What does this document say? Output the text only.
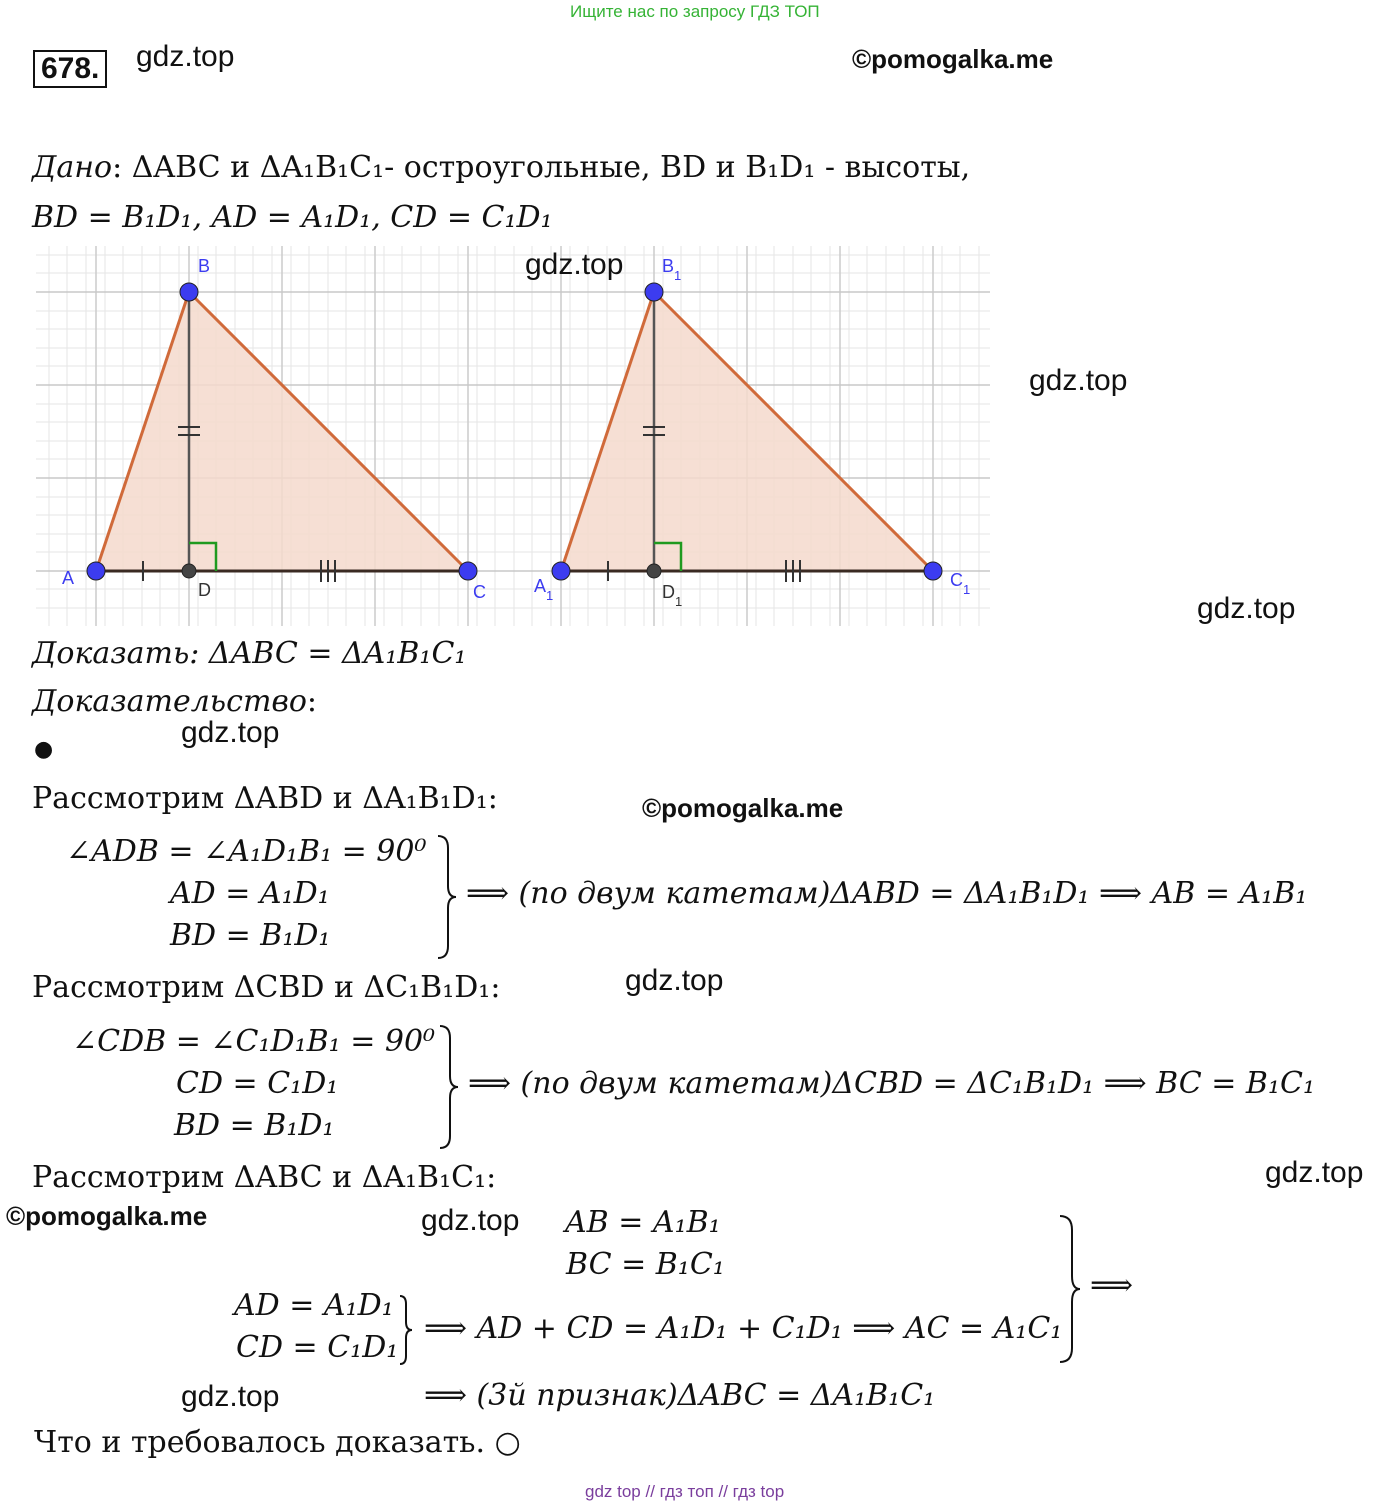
Ищите нас по запросу ГДЗ ТОП
678. gdz.top	©pomogalka.me
Дано: ΔABC и ΔA₁B₁C₁- остроугольные, BD и B₁D₁ - высоты,
BD = B₁D₁, AD = A₁D₁, CD = C₁D₁
A
B
C
D	$A_1$
$B_1$
$C_1$
$D_1$
gdz.top
gdz.top
gdz.top
Доказать: ΔABC = ΔA₁B₁C₁
Доказательство:
●
gdz.top
Рассмотрим ΔABD и ΔA₁B₁D₁:	©pomogalka.me
∠ADB = ∠A₁D₁B₁ = 90⁰
AD = A₁D₁
BD = B₁D₁
⟹ (по двум катетам)ΔABD = ΔA₁B₁D₁ ⟹ AB = A₁B₁
Рассмотрим ΔCBD и ΔC₁B₁D₁:	gdz.top
∠CDB = ∠C₁D₁B₁ = 90⁰
CD = C₁D₁
BD = B₁D₁
⟹ (по двум катетам)ΔCBD = ΔC₁B₁D₁ ⟹ BC = B₁C₁
Рассмотрим ΔABC и ΔA₁B₁C₁:	gdz.top
©pomogalka.me	gdz.top AB = A₁B₁
BC = B₁C₁
AD = A₁D₁
CD = C₁D₁
⟹ AD + CD = A₁D₁ + C₁D₁ ⟹ AC = A₁C₁
⟹
gdz.top	⟹ (3й признак)ΔABC = ΔA₁B₁C₁
Что и требовалось доказать. ○
gdz top // гдз топ // гдз top
